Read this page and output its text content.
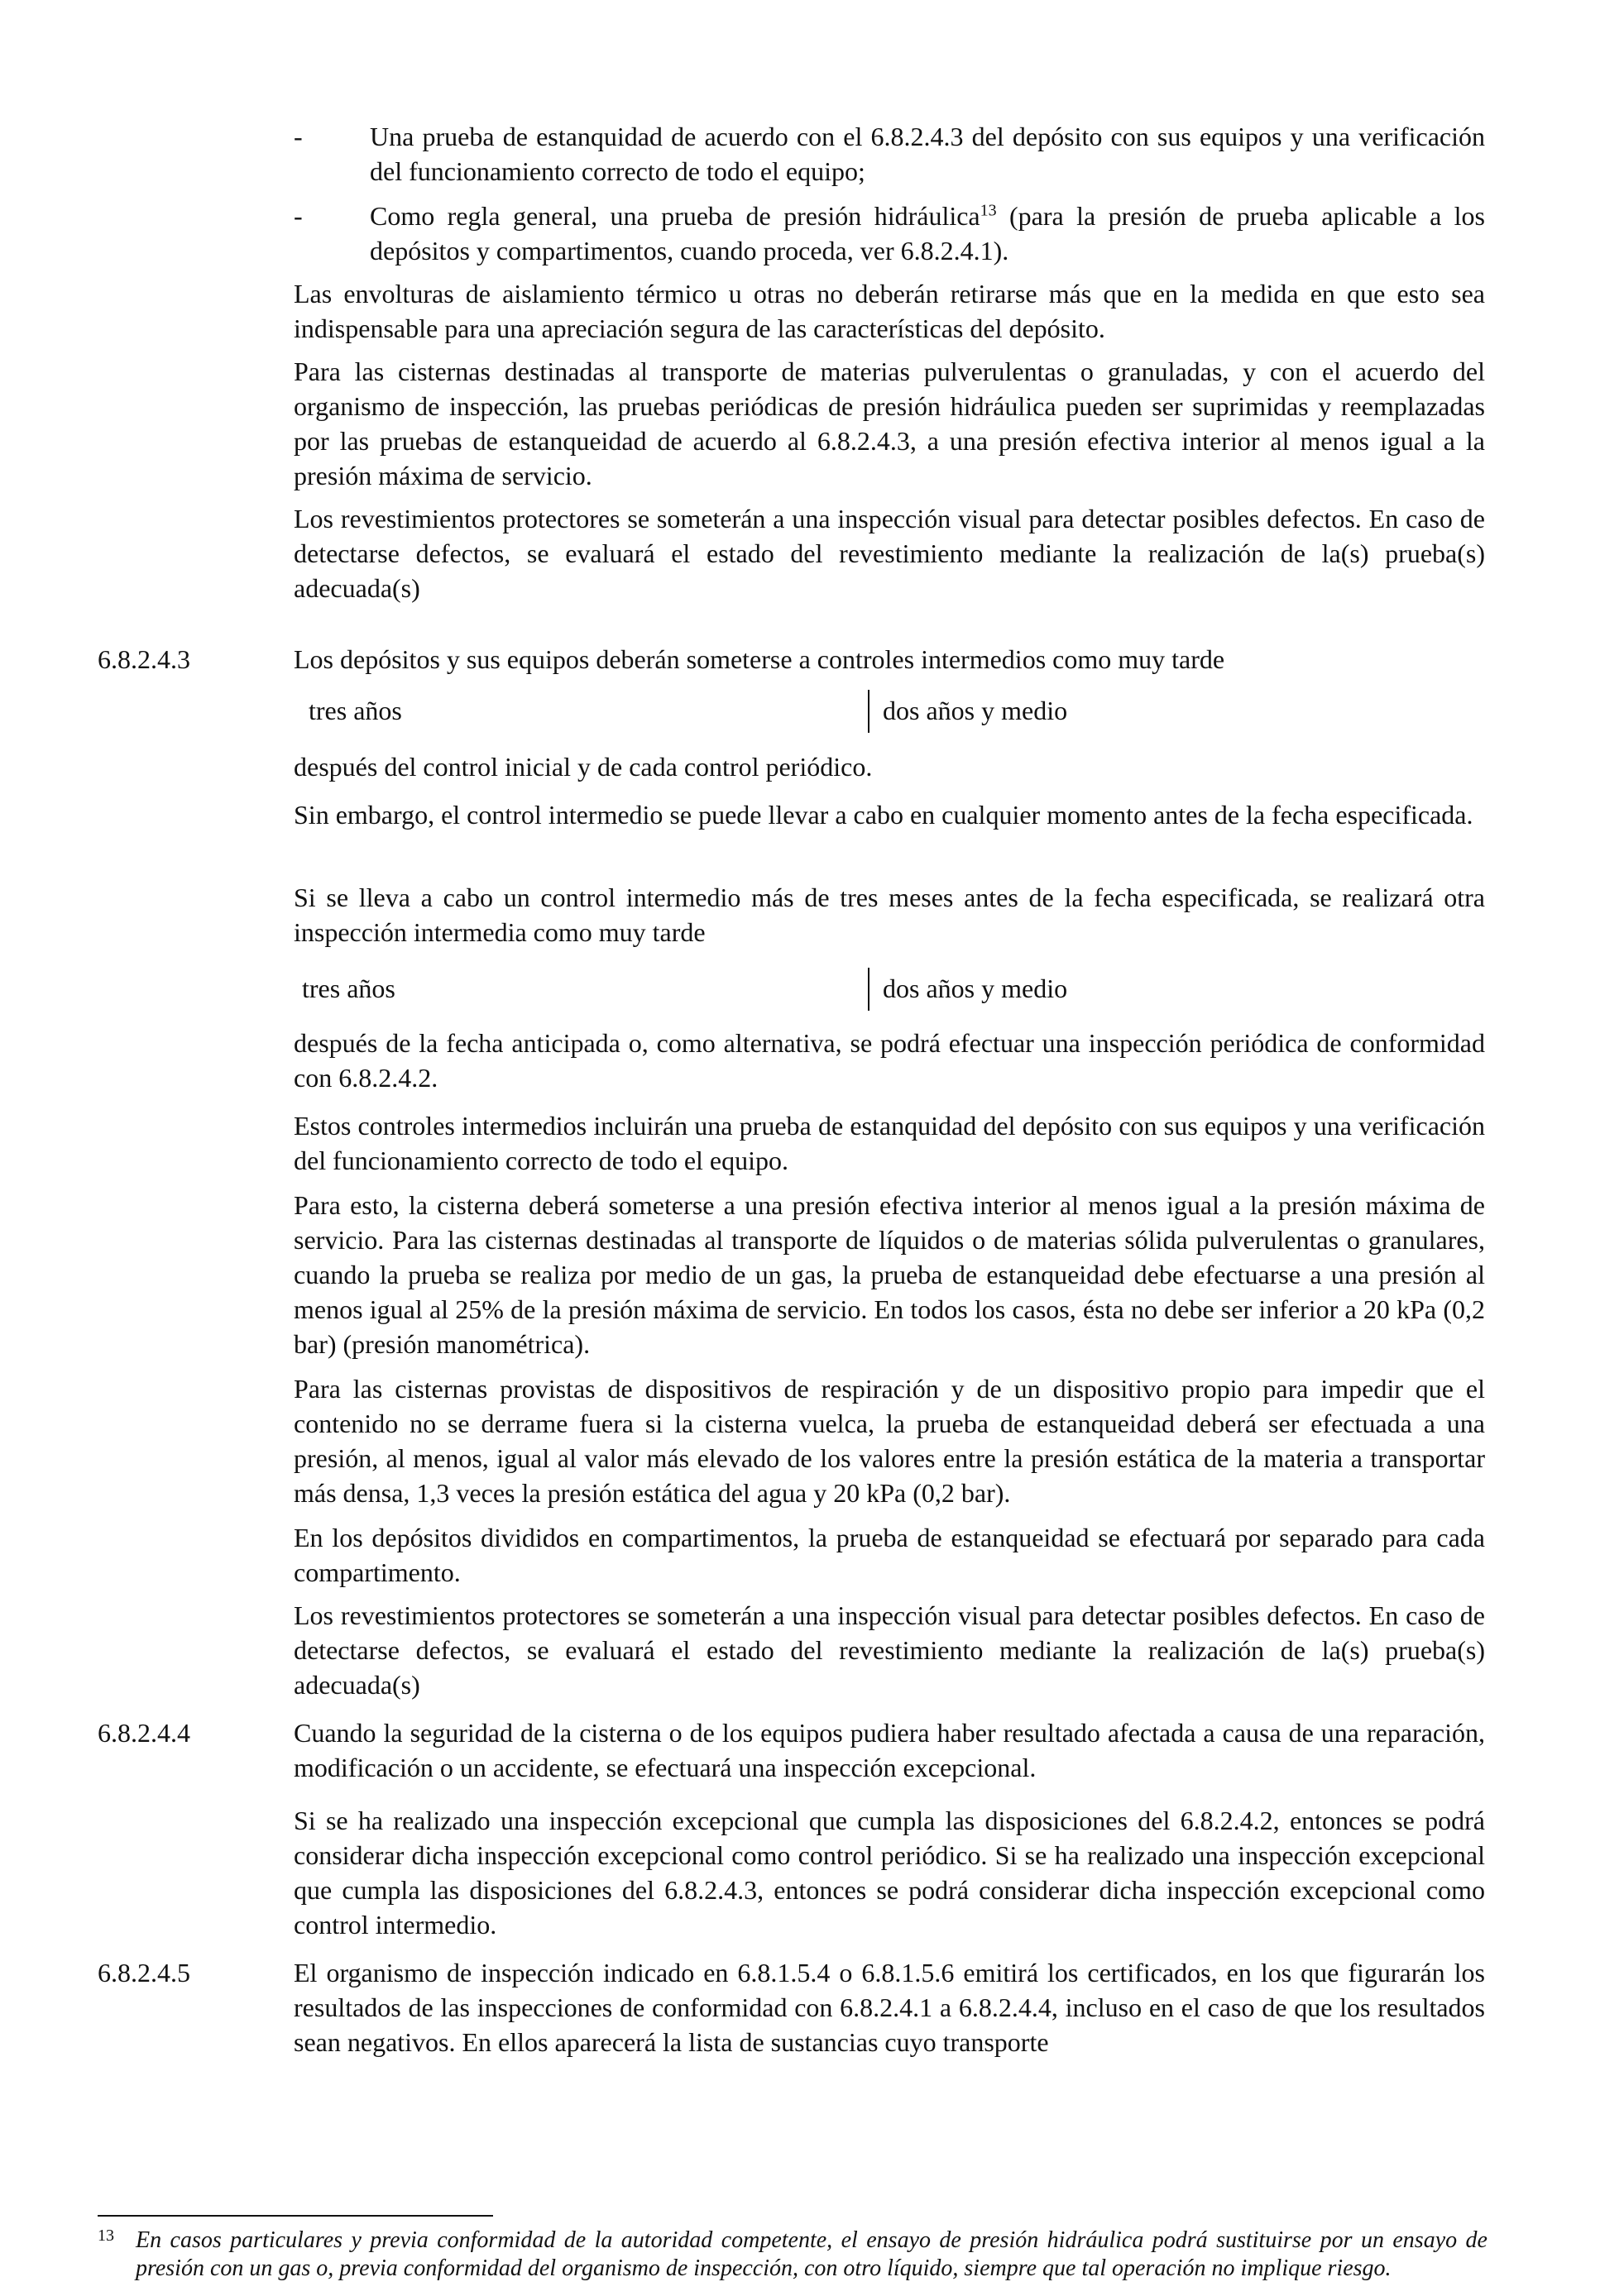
-	Una prueba de estanquidad de acuerdo con el 6.8.2.4.3 del depósito con sus equipos y una verificación del funcionamiento correcto de todo el equipo;
-	Como regla general, una prueba de presión hidráulica$^{13}$ (para la presión de prueba aplicable a los depósitos y compartimentos, cuando proceda, ver 6.8.2.4.1).
Las envolturas de aislamiento térmico u otras no deberán retirarse más que en la medida en que esto sea indispensable para una apreciación segura de las características del depósito.
Para las cisternas destinadas al transporte de materias pulverulentas o granuladas, y con el acuerdo del organismo de inspección, las pruebas periódicas de presión hidráulica pueden ser suprimidas y reemplazadas por las pruebas de estanqueidad de acuerdo al 6.8.2.4.3, a una presión efectiva interior al menos igual a la presión máxima de servicio.
Los revestimientos protectores se someterán a una inspección visual para detectar posibles defectos. En caso de detectarse defectos, se evaluará el estado del revestimiento mediante la realización de la(s) prueba(s) adecuada(s)
6.8.2.4.3	Los depósitos y sus equipos deberán someterse a controles intermedios como muy tarde
tres años	dos años y medio
después del control inicial y de cada control periódico.
Sin embargo, el control intermedio se puede llevar a cabo en cualquier momento antes de la fecha especificada.
Si se lleva a cabo un control intermedio más de tres meses antes de la fecha especificada, se realizará otra inspección intermedia como muy tarde
tres años	dos años y medio
después de la fecha anticipada o, como alternativa, se podrá efectuar una inspección periódica de conformidad con 6.8.2.4.2.
Estos controles intermedios incluirán una prueba de estanquidad del depósito con sus equipos y una verificación del funcionamiento correcto de todo el equipo.
Para esto, la cisterna deberá someterse a una presión efectiva interior al menos igual a la presión máxima de servicio. Para las cisternas destinadas al transporte de líquidos o de materias sólida pulverulentas o granulares, cuando la prueba se realiza por medio de un gas, la prueba de estanqueidad debe efectuarse a una presión al menos igual al 25% de la presión máxima de servicio. En todos los casos, ésta no debe ser inferior a 20 kPa (0,2 bar) (presión manométrica).
Para las cisternas provistas de dispositivos de respiración y de un dispositivo propio para impedir que el contenido no se derrame fuera si la cisterna vuelca, la prueba de estanqueidad deberá ser efectuada a una presión, al menos, igual al valor más elevado de los valores entre la presión estática de la materia a transportar más densa, 1,3 veces la presión estática del agua y 20 kPa (0,2 bar).
En los depósitos divididos en compartimentos, la prueba de estanqueidad se efectuará por separado para cada compartimento.
Los revestimientos protectores se someterán a una inspección visual para detectar posibles defectos. En caso de detectarse defectos, se evaluará el estado del revestimiento mediante la realización de la(s) prueba(s) adecuada(s)
6.8.2.4.4	Cuando la seguridad de la cisterna o de los equipos pudiera haber resultado afectada a causa de una reparación, modificación o un accidente, se efectuará una inspección excepcional.
Si se ha realizado una inspección excepcional que cumpla las disposiciones del 6.8.2.4.2, entonces se podrá considerar dicha inspección excepcional como control periódico. Si se ha realizado una inspección excepcional que cumpla las disposiciones del 6.8.2.4.3, entonces se podrá considerar dicha inspección excepcional como control intermedio.
6.8.2.4.5	El organismo de inspección indicado en 6.8.1.5.4 o 6.8.1.5.6 emitirá los certificados, en los que figurarán los resultados de las inspecciones de conformidad con 6.8.2.4.1 a 6.8.2.4.4, incluso en el caso de que los resultados sean negativos. En ellos aparecerá la lista de sustancias cuyo transporte
13 En casos particulares y previa conformidad de la autoridad competente, el ensayo de presión hidráulica podrá sustituirse por un ensayo de presión con un gas o, previa conformidad del organismo de inspección, con otro líquido, siempre que tal operación no implique riesgo.
